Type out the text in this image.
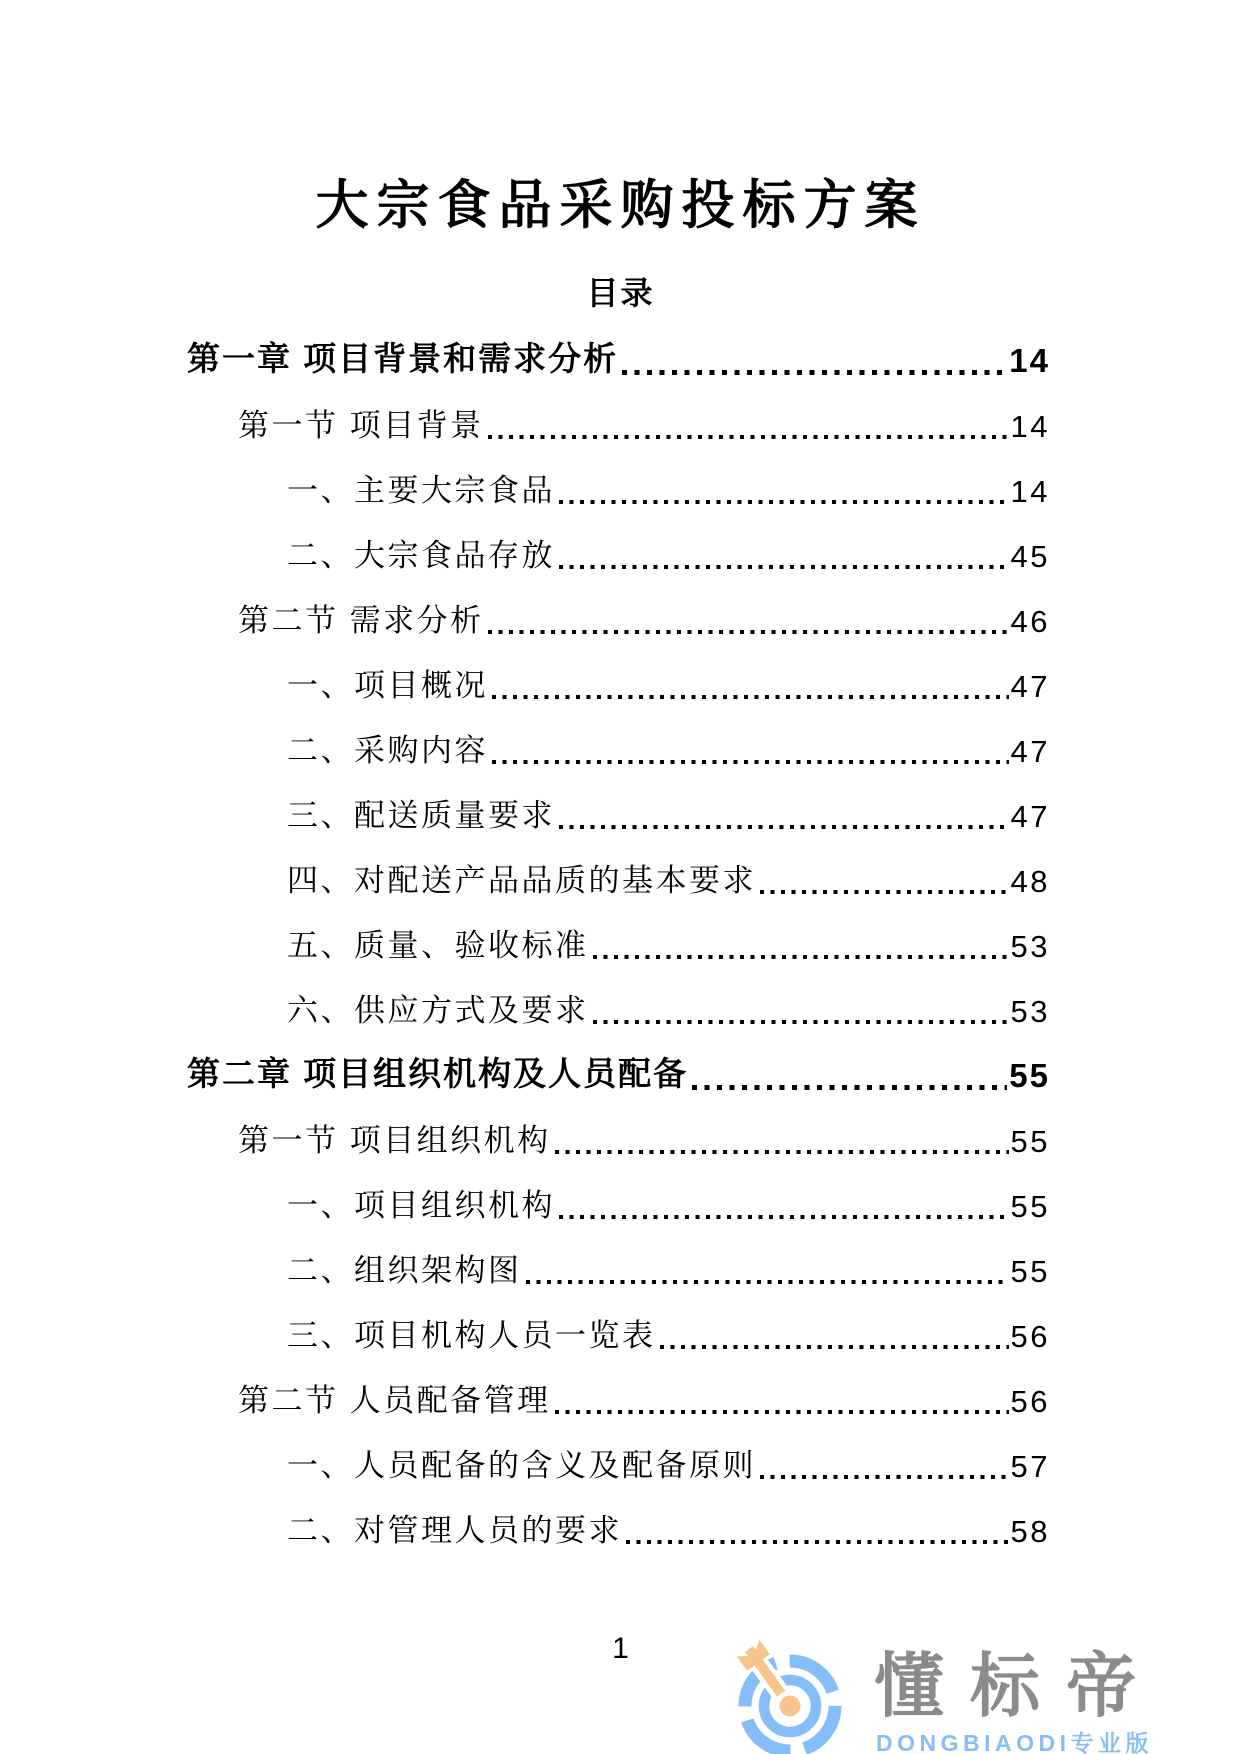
大宗食品采购投标方案
目录
第一章 项目背景和需求分析	14
第一节 项目背景	14
一、主要大宗食品	14
二、大宗食品存放	45
第二节 需求分析	46
一、项目概况	47
二、采购内容	47
三、配送质量要求	47
四、对配送产品品质的基本要求	48
五、质量、验收标准	53
六、供应方式及要求	53
第二章 项目组织机构及人员配备	55
第一节 项目组织机构	55
一、项目组织机构	55
二、组织架构图	55
三、项目机构人员一览表	56
第二节 人员配备管理	56
一、人员配备的含义及配备原则	57
二、对管理人员的要求	58
1	懂标帝
DONGBIAODI专业版
